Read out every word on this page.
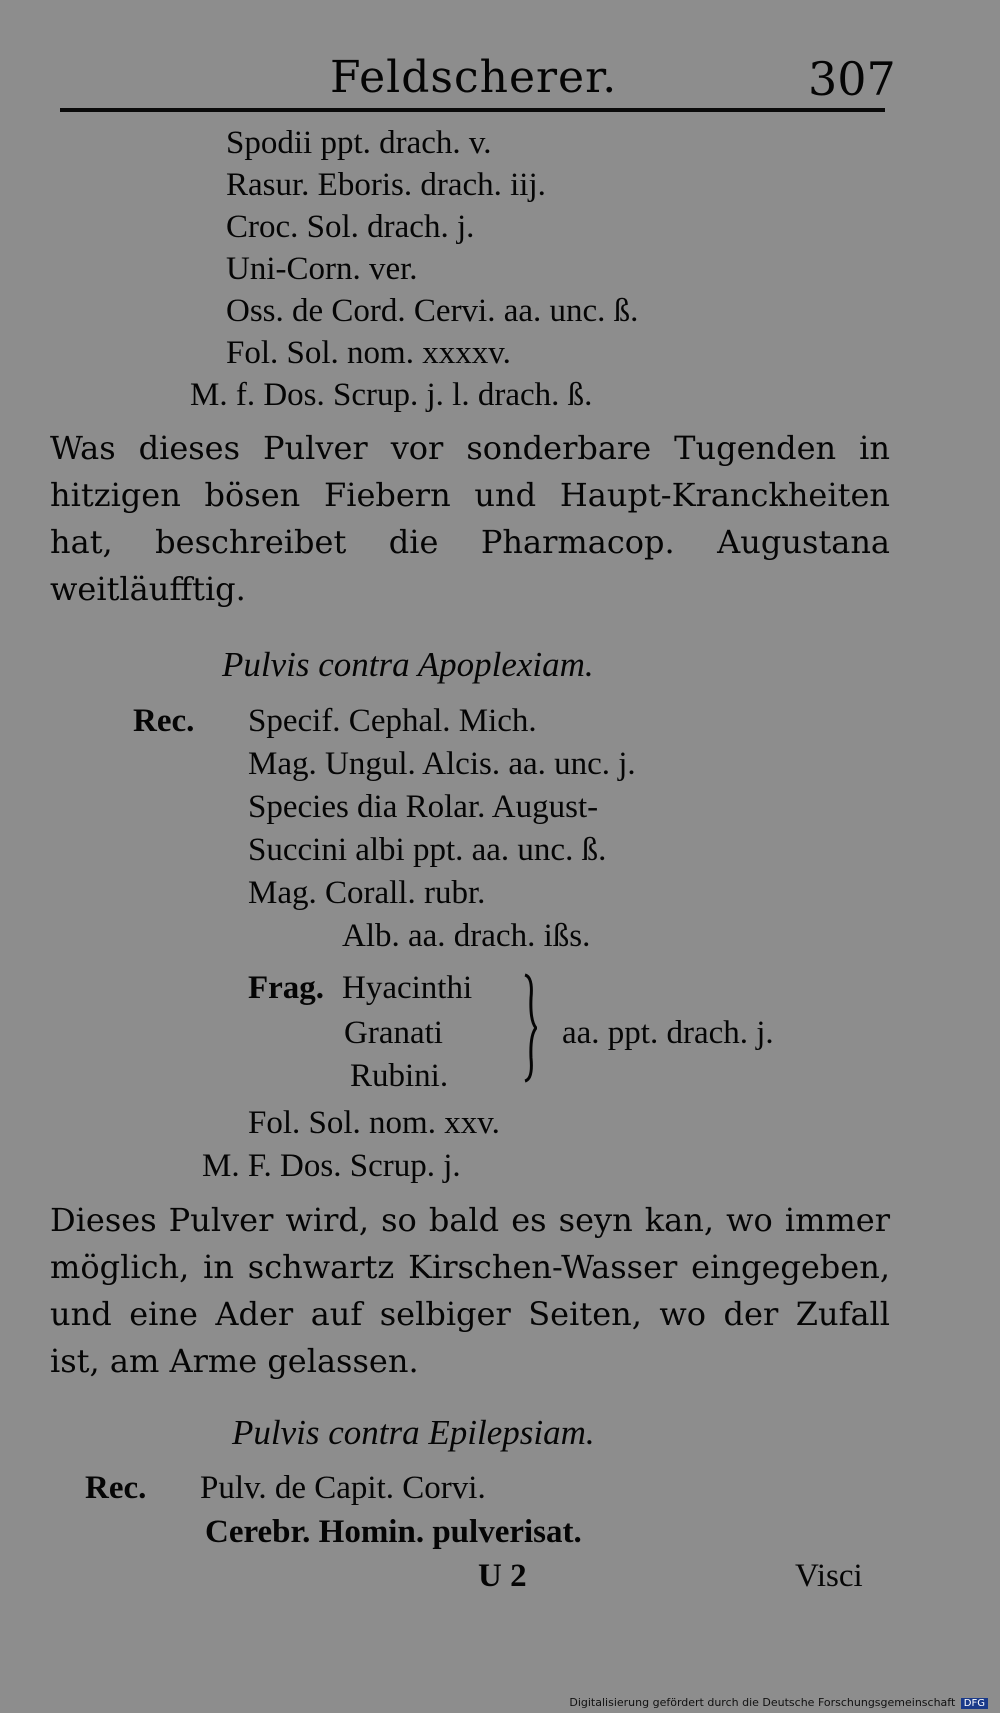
Feldscherer.	307
Spodii ppt. drach. v.
Rasur. Eboris. drach. iij.
Croc. Sol. drach. j.
Uni-Corn. ver.
Oss. de Cord. Cervi. aa. unc. ß.
Fol. Sol. nom. xxxxv.
M. f. Dos. Scrup. j. l. drach. ß.
Was dieses Pulver vor sonderbare Tugenden in hitzigen bösen Fiebern und Haupt-Kranckheiten hat, beschreibet die Pharmacop. Augustana weitläufftig.
Pulvis contra Apoplexiam.
Rec. Specif. Cephal. Mich.
Mag. Ungul. Alcis. aa. unc. j.
Species dia Rolar. August-
Succini albi ppt. aa. unc. ß.
Mag. Corall. rubr.
Alb. aa. drach. ißs.
Frag. Hyacinthi
Granati
Rubini.
aa. ppt. drach. j.
Fol. Sol. nom. xxv.
M. F. Dos. Scrup. j.
Dieses Pulver wird, so bald es seyn kan, wo immer möglich, in schwartz Kirschen-Wasser eingegeben, und eine Ader auf selbiger Seiten, wo der Zufall ist, am Arme gelassen.
Pulvis contra Epilepsiam.
Rec. Pulv. de Capit. Corvi.
Cerebr. Homin. pulverisat.
U 2	Visci
Digitalisierung gefördert durch die Deutsche Forschungsgemeinschaft DFG
